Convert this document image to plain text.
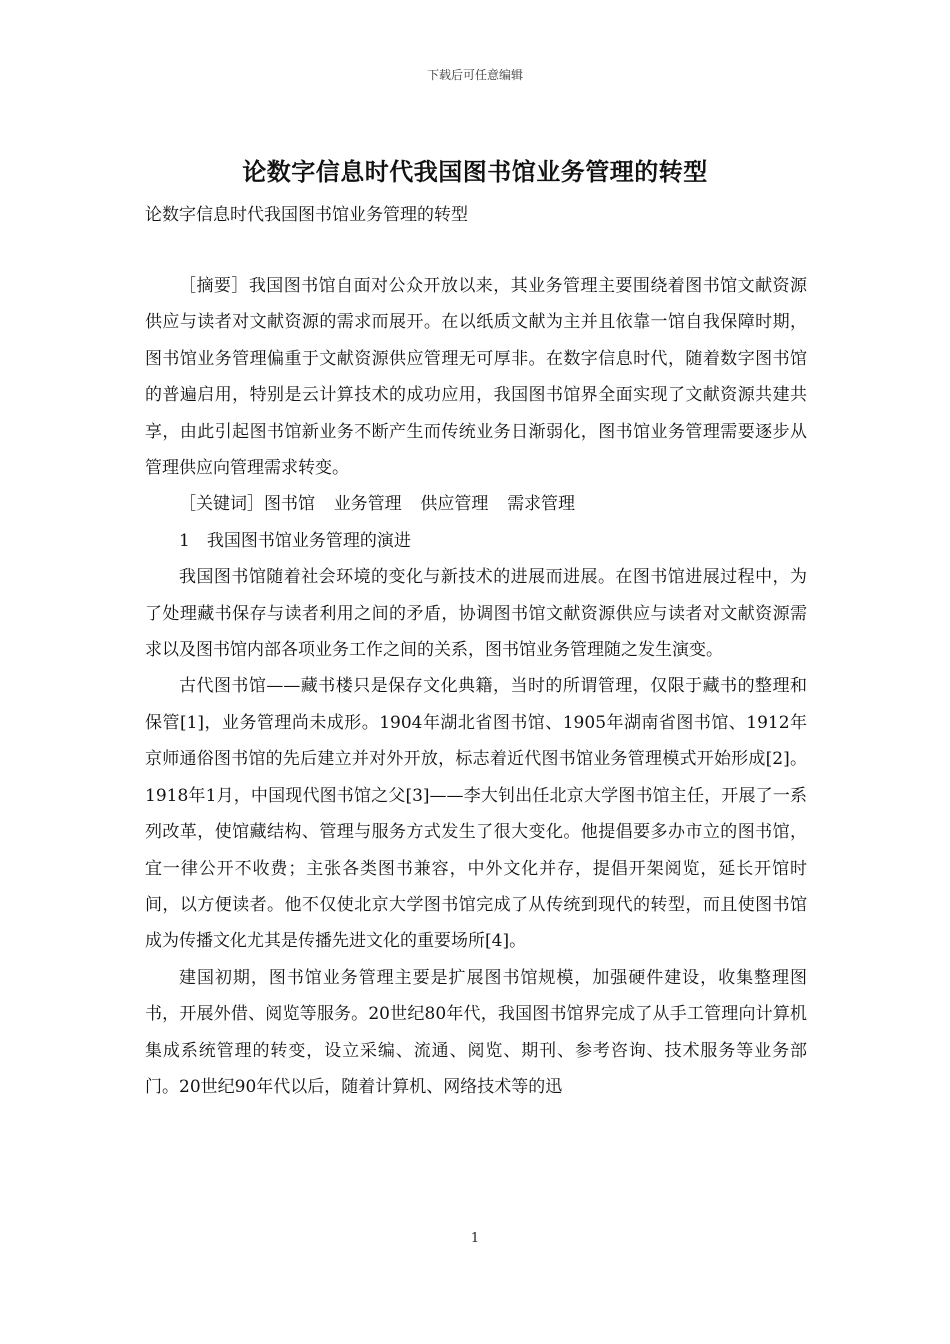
下载后可任意编辑
论数字信息时代我国图书馆业务管理的转型
论数字信息时代我国图书馆业务管理的转型

［摘要］我国图书馆自面对公众开放以来，其业务管理主要围绕着图书馆文献资源供应与读者对文献资源的需求而展开。在以纸质文献为主并且依靠一馆自我保障时期，图书馆业务管理偏重于文献资源供应管理无可厚非。在数字信息时代，随着数字图书馆的普遍启用，特别是云计算技术的成功应用，我国图书馆界全面实现了文献资源共建共享，由此引起图书馆新业务不断产生而传统业务日渐弱化，图书馆业务管理需要逐步从管理供应向管理需求转变。

［关键词］图书馆 业务管理 供应管理 需求管理

1　我国图书馆业务管理的演进

我国图书馆随着社会环境的变化与新技术的进展而进展。在图书馆进展过程中，为了处理藏书保存与读者利用之间的矛盾，协调图书馆文献资源供应与读者对文献资源需求以及图书馆内部各项业务工作之间的关系，图书馆业务管理随之发生演变。

古代图书馆——藏书楼只是保存文化典籍，当时的所谓管理，仅限于藏书的整理和保管[1]，业务管理尚未成形。1904年湖北省图书馆、1905年湖南省图书馆、1912年京师通俗图书馆的先后建立并对外开放，标志着近代图书馆业务管理模式开始形成[2]。1918年1月，中国现代图书馆之父[3]——李大钊出任北京大学图书馆主任，开展了一系列改革，使馆藏结构、管理与服务方式发生了很大变化。他提倡要多办市立的图书馆，宜一律公开不收费；主张各类图书兼容，中外文化并存，提倡开架阅览，延长开馆时间，以方便读者。他不仅使北京大学图书馆完成了从传统到现代的转型，而且使图书馆成为传播文化尤其是传播先进文化的重要场所[4]。

建国初期，图书馆业务管理主要是扩展图书馆规模，加强硬件建设，收集整理图书，开展外借、阅览等服务。20世纪80年代，我国图书馆界完成了从手工管理向计算机集成系统管理的转变，设立采编、流通、阅览、期刊、参考咨询、技术服务等业务部门。20世纪90年代以后，随着计算机、网络技术等的迅

1
